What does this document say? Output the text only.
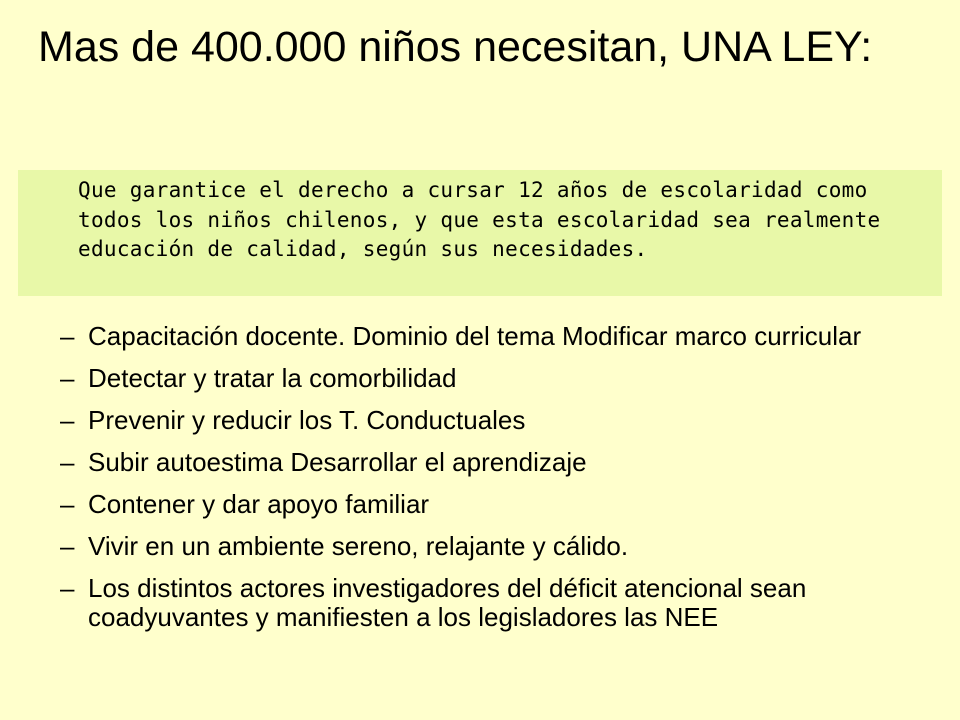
Mas de 400.000 niños necesitan, UNA LEY:

Que garantice el derecho a cursar 12 años de escolaridad como todos los niños chilenos, y que esta escolaridad sea realmente educación de calidad, según sus necesidades.

– Capacitación docente. Dominio del tema Modificar marco curricular
– Detectar y tratar la comorbilidad
– Prevenir y reducir los T. Conductuales
– Subir autoestima Desarrollar el aprendizaje
– Contener y dar apoyo familiar
– Vivir en un ambiente sereno, relajante y cálido.
– Los distintos actores investigadores del déficit atencional sean coadyuvantes y manifiesten a los legisladores las NEE
